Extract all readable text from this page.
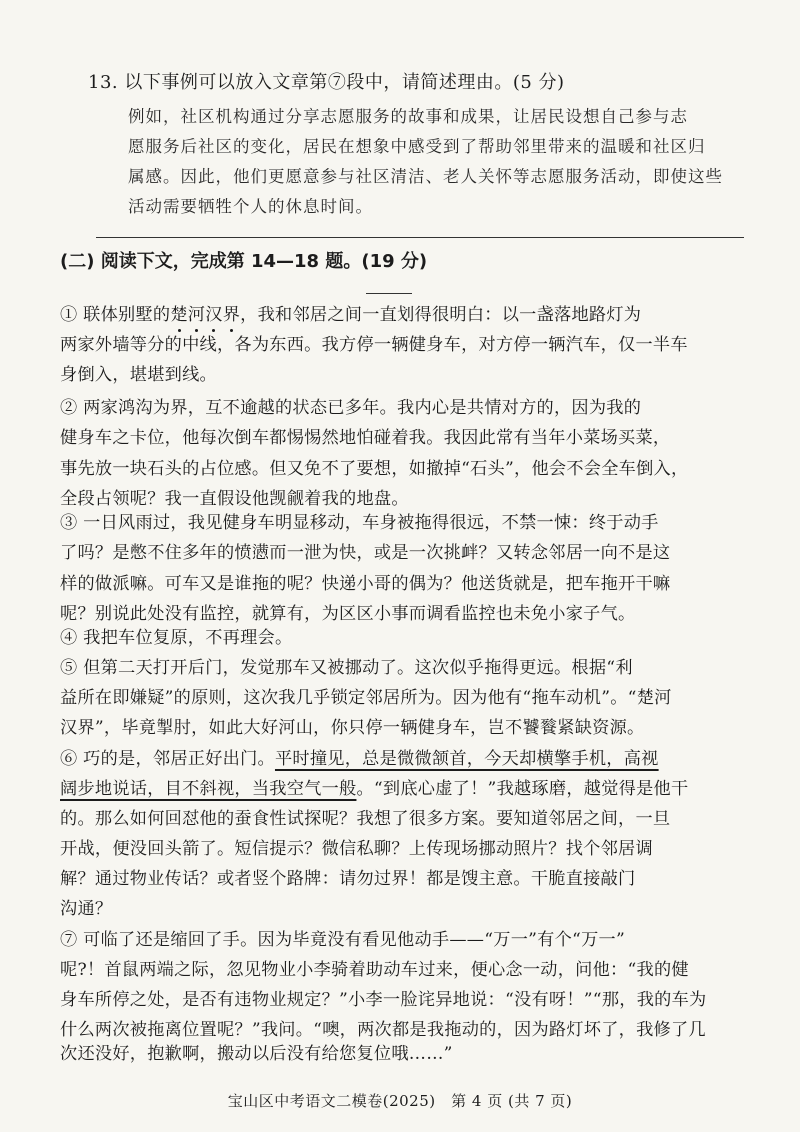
13. 以下事例可以放入文章第⑦段中，请简述理由。(5 分)
例如，社区机构通过分享志愿服务的故事和成果，让居民设想自己参与志
愿服务后社区的变化，居民在想象中感受到了帮助邻里带来的温暖和社区归
属感。因此，他们更愿意参与社区清洁、老人关怀等志愿服务活动，即使这些
活动需要牺牲个人的休息时间。
(二) 阅读下文，完成第 14—18 题。(19 分)
① 联体别墅的楚河汉界，我和邻居之间一直划得很明白：以一盏落地路灯为
两家外墙等分的中线，各为东西。我方停一辆健身车，对方停一辆汽车，仅一半车
身倒入，堪堪到线。
② 两家鸿沟为界，互不逾越的状态已多年。我内心是共情对方的，因为我的
健身车之卡位，他每次倒车都惕惕然地怕碰着我。我因此常有当年小菜场买菜，
事先放一块石头的占位感。但又免不了要想，如撤掉“石头”，他会不会全车倒入，
全段占领呢？我一直假设他觊觎着我的地盘。
③ 一日风雨过，我见健身车明显移动，车身被拖得很远，不禁一悚：终于动手
了吗？是憋不住多年的愤懑而一泄为快，或是一次挑衅？又转念邻居一向不是这
样的做派嘛。可车又是谁拖的呢？快递小哥的偶为？他送货就是，把车拖开干嘛
呢？别说此处没有监控，就算有，为区区小事而调看监控也未免小家子气。
④ 我把车位复原，不再理会。
⑤ 但第二天打开后门，发觉那车又被挪动了。这次似乎拖得更远。根据“利
益所在即嫌疑”的原则，这次我几乎锁定邻居所为。因为他有“拖车动机”。“楚河
汉界”，毕竟掣肘，如此大好河山，你只停一辆健身车，岂不饕餮紧缺资源。
⑥ 巧的是，邻居正好出门。平时撞见，总是微微颔首，今天却横擎手机，高视
阔步地说话，目不斜视，当我空气一般。“到底心虚了！”我越琢磨，越觉得是他干
的。那么如何回怼他的蚕食性试探呢？我想了很多方案。要知道邻居之间，一旦
开战，便没回头箭了。短信提示？微信私聊？上传现场挪动照片？找个邻居调
解？通过物业传话？或者竖个路牌：请勿过界！都是馊主意。干脆直接敲门
沟通？
⑦ 可临了还是缩回了手。因为毕竟没有看见他动手——“万一”有个“万一”
呢?！首鼠两端之际，忽见物业小李骑着助动车过来，便心念一动，问他：“我的健
身车所停之处，是否有违物业规定？”小李一脸诧异地说：“没有呀！”“那，我的车为
什么两次被拖离位置呢？”我问。“噢，两次都是我拖动的，因为路灯坏了，我修了几
次还没好，抱歉啊，搬动以后没有给您复位哦……”
宝山区中考语文二模卷(2025)　第 4 页 (共 7 页)
